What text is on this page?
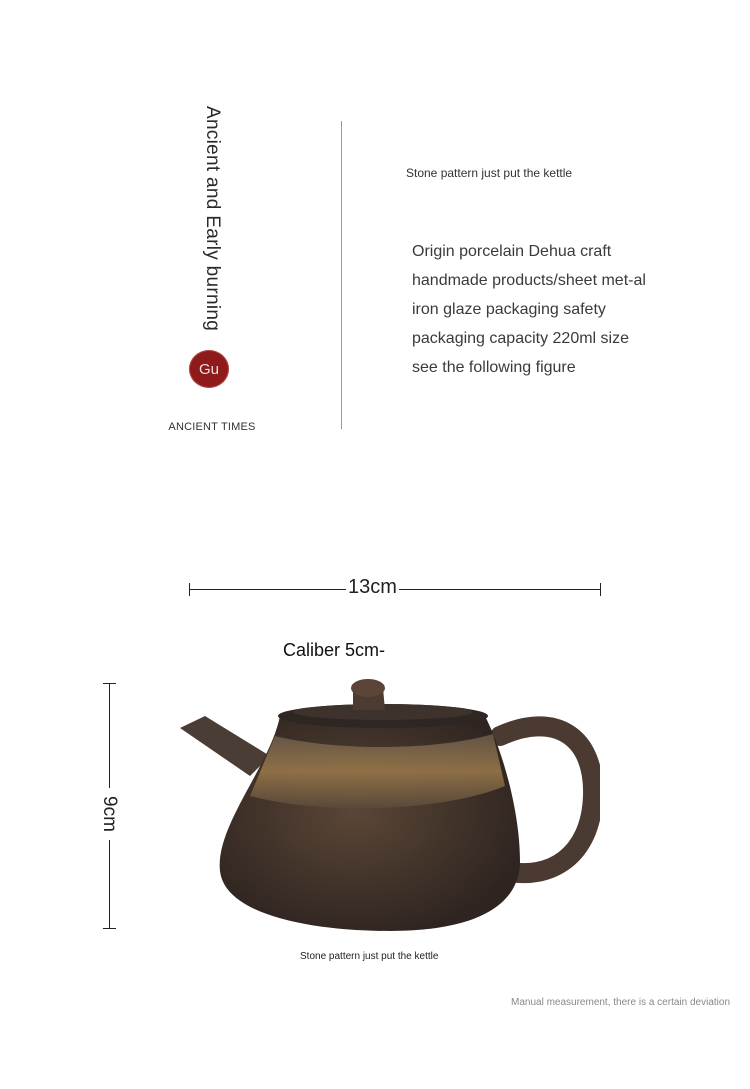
Ancient and Early burning
Gu
ANCIENT TIMES
Stone pattern just put the kettle
Origin porcelain Dehua craft handmade products/sheet met-al iron glaze packaging safety packaging capacity 220ml size see the following figure
13cm
Caliber 5cm-
9cm
Stone pattern just put the kettle
Manual measurement, there is a certain deviation
